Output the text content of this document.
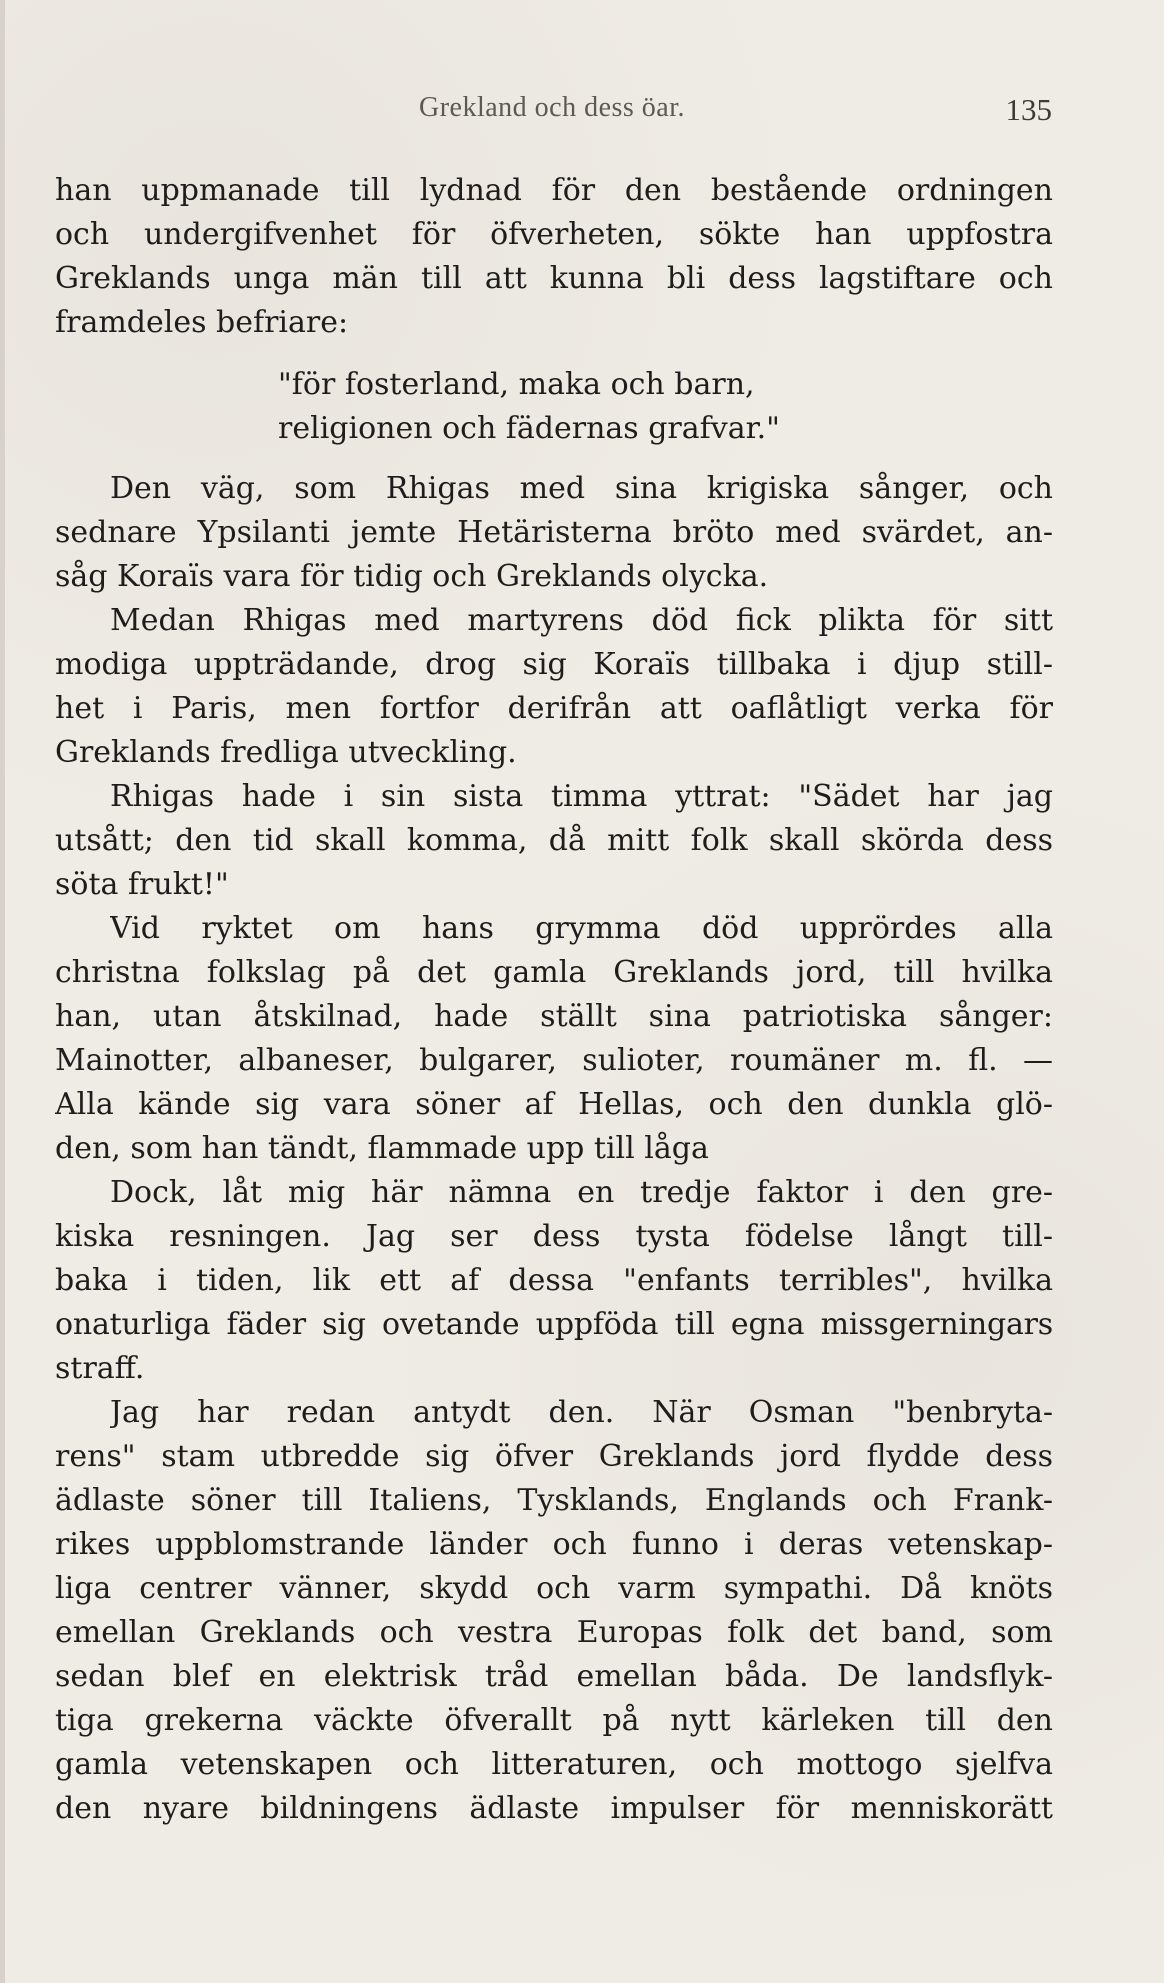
Grekland och dess öar.	135
han uppmanade till lydnad för den bestående ordningen
och undergifvenhet för öfverheten, sökte han uppfostra
Greklands unga män till att kunna bli dess lagstiftare och
framdeles befriare:
"för fosterland, maka och barn,
religionen och fädernas grafvar."
Den väg, som Rhigas med sina krigiska sånger, och
sednare Ypsilanti jemte Hetäristerna bröto med svärdet, an-
såg Koraïs vara för tidig och Greklands olycka.
Medan Rhigas med martyrens död fick plikta för sitt
modiga uppträdande, drog sig Koraïs tillbaka i djup still-
het i Paris, men fortfor derifrån att oaflåtligt verka för
Greklands fredliga utveckling.
Rhigas hade i sin sista timma yttrat: "Sädet har jag
utsått; den tid skall komma, då mitt folk skall skörda dess
söta frukt!"
Vid ryktet om hans grymma död upprördes alla
christna folkslag på det gamla Greklands jord, till hvilka
han, utan åtskilnad, hade ställt sina patriotiska sånger:
Mainotter, albaneser, bulgarer, sulioter, roumäner m. fl. —
Alla kände sig vara söner af Hellas, och den dunkla glö-
den, som han tändt, flammade upp till låga
Dock, låt mig här nämna en tredje faktor i den gre-
kiska resningen. Jag ser dess tysta födelse långt till-
baka i tiden, lik ett af dessa "enfants terribles", hvilka
onaturliga fäder sig ovetande uppföda till egna missgerningars
straff.
Jag har redan antydt den. När Osman "benbryta-
rens" stam utbredde sig öfver Greklands jord flydde dess
ädlaste söner till Italiens, Tysklands, Englands och Frank-
rikes uppblomstrande länder och funno i deras vetenskap-
liga centrer vänner, skydd och varm sympathi. Då knöts
emellan Greklands och vestra Europas folk det band, som
sedan blef en elektrisk tråd emellan båda. De landsflyk-
tiga grekerna väckte öfverallt på nytt kärleken till den
gamla vetenskapen och litteraturen, och mottogo sjelfva
den nyare bildningens ädlaste impulser för menniskorätt
